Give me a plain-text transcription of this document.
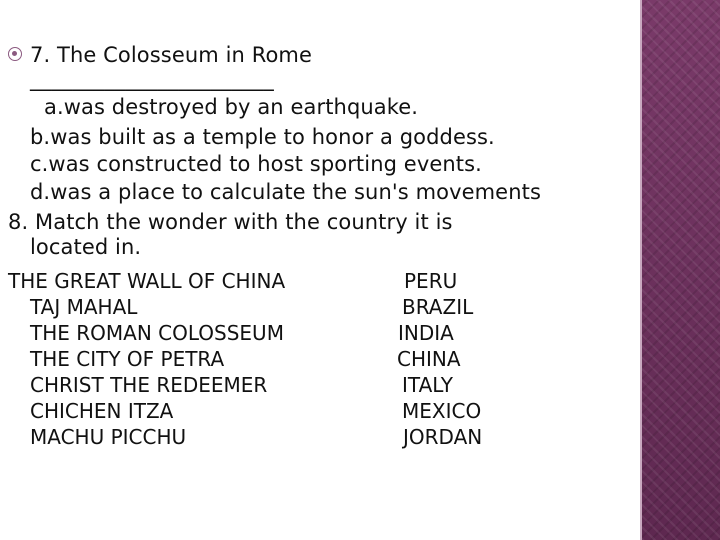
7. The Colosseum in Rome
_______________________
a.was destroyed by an earthquake.
b.was built as a temple to honor a goddess.
c.was constructed to host sporting events.
d.was a place to calculate the sun's movements
8. Match the wonder with the country it is
located in.
THE GREAT WALL OF CHINA
TAJ MAHAL
THE ROMAN COLOSSEUM
THE CITY OF PETRA
CHRIST THE REDEEMER
CHICHEN ITZA
MACHU PICCHU
PERU
BRAZIL
INDIA
CHINA
ITALY
MEXICO
JORDAN
